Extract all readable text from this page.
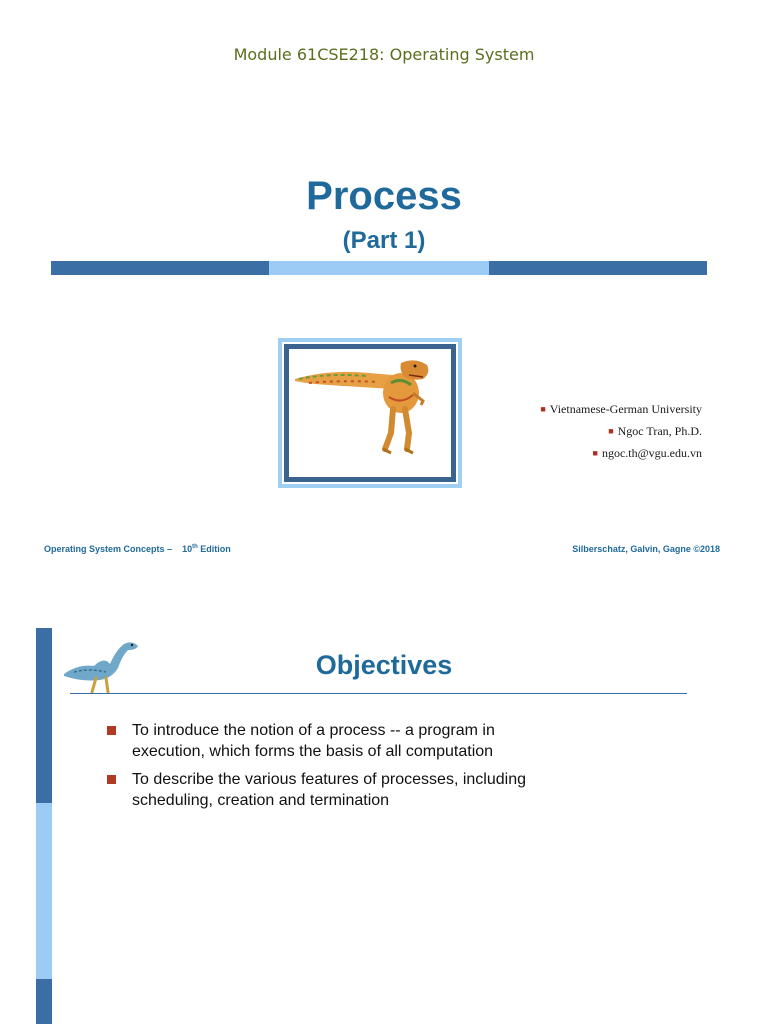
Module 61CSE218: Operating System
Process
(Part 1)
■ Vietnamese-German University
■ Ngoc Tran, Ph.D.
■ ngoc.th@vgu.edu.vn
Operating System Concepts – 10th Edition	Silberschatz, Galvin, Gagne ©2018
Objectives
To introduce the notion of a process -- a program in
execution, which forms the basis of all computation
To describe the various features of processes, including
scheduling, creation and termination
